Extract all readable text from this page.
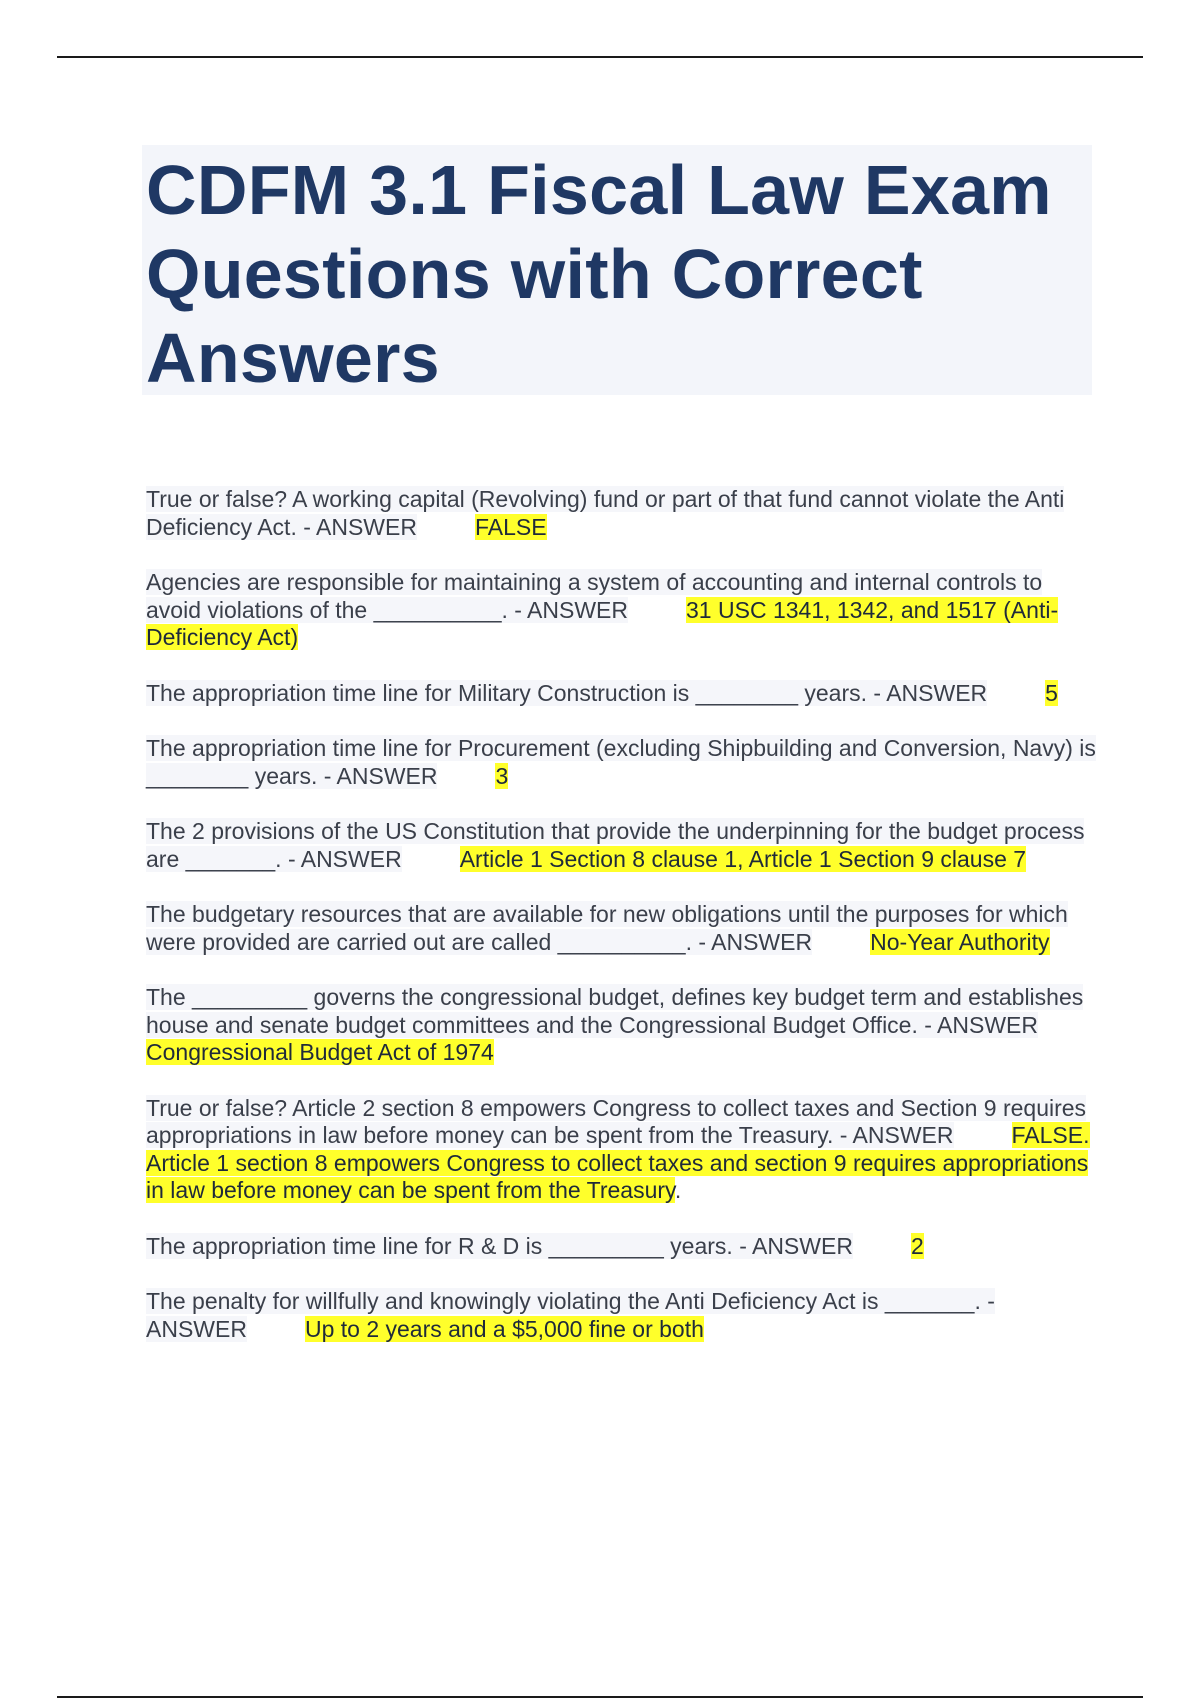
CDFM 3.1 Fiscal Law Exam Questions with Correct Answers

True or false? A working capital (Revolving) fund or part of that fund cannot violate the Anti Deficiency Act. - ANSWER	FALSE

Agencies are responsible for maintaining a system of accounting and internal controls to avoid violations of the __________. - ANSWER	31 USC 1341, 1342, and 1517 (Anti-Deficiency Act)

The appropriation time line for Military Construction is ________ years. - ANSWER	5

The appropriation time line for Procurement (excluding Shipbuilding and Conversion, Navy) is ________ years. - ANSWER	3

The 2 provisions of the US Constitution that provide the underpinning for the budget process are _______. - ANSWER	Article 1 Section 8 clause 1, Article 1 Section 9 clause 7

The budgetary resources that are available for new obligations until the purposes for which were provided are carried out are called __________. - ANSWER	No-Year Authority

The _________ governs the congressional budget, defines key budget term and establishes house and senate budget committees and the Congressional Budget Office. - ANSWERCongressional Budget Act of 1974

True or false? Article 2 section 8 empowers Congress to collect taxes and Section 9 requires appropriations in law before money can be spent from the Treasury. - ANSWER	FALSE. Article 1 section 8 empowers Congress to collect taxes and section 9 requires appropriations in law before money can be spent from the Treasury.

The appropriation time line for R & D is _________ years. - ANSWER	2

The penalty for willfully and knowingly violating the Anti Deficiency Act is _______. - ANSWER	Up to 2 years and a $5,000 fine or both
